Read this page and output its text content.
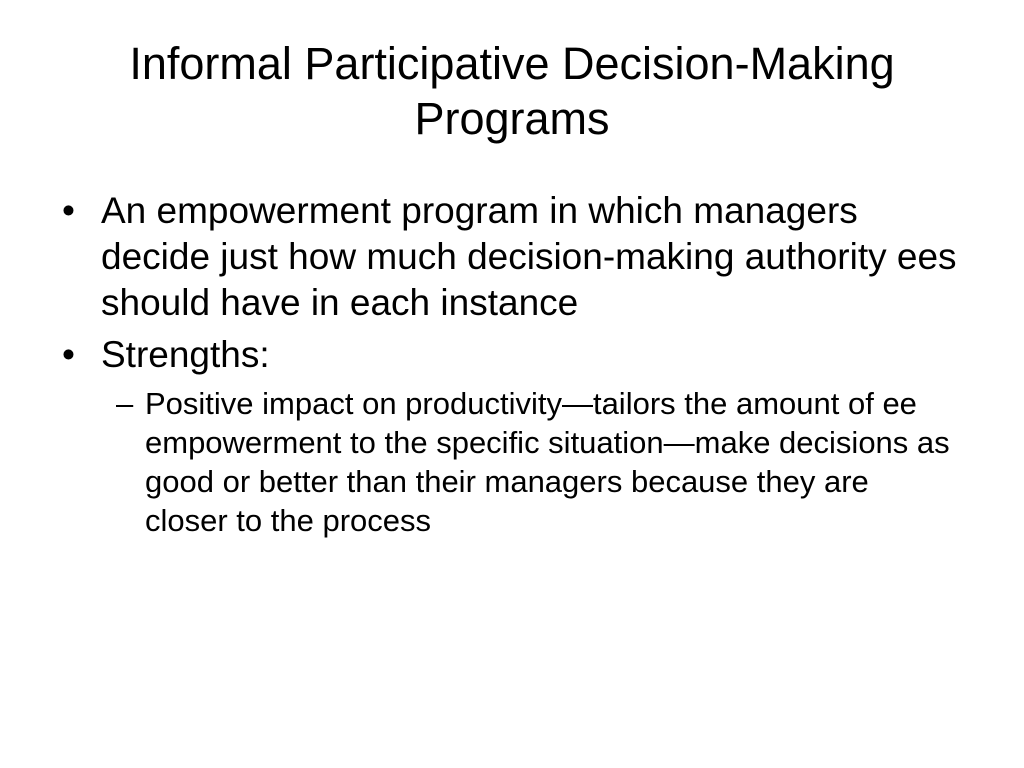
Informal Participative Decision-Making Programs
• An empowerment program in which managers decide just how much decision-making authority ees should have in each instance
• Strengths:
– Positive impact on productivity—tailors the amount of ee empowerment to the specific situation—make decisions as good or better than their managers because they are closer to the process
